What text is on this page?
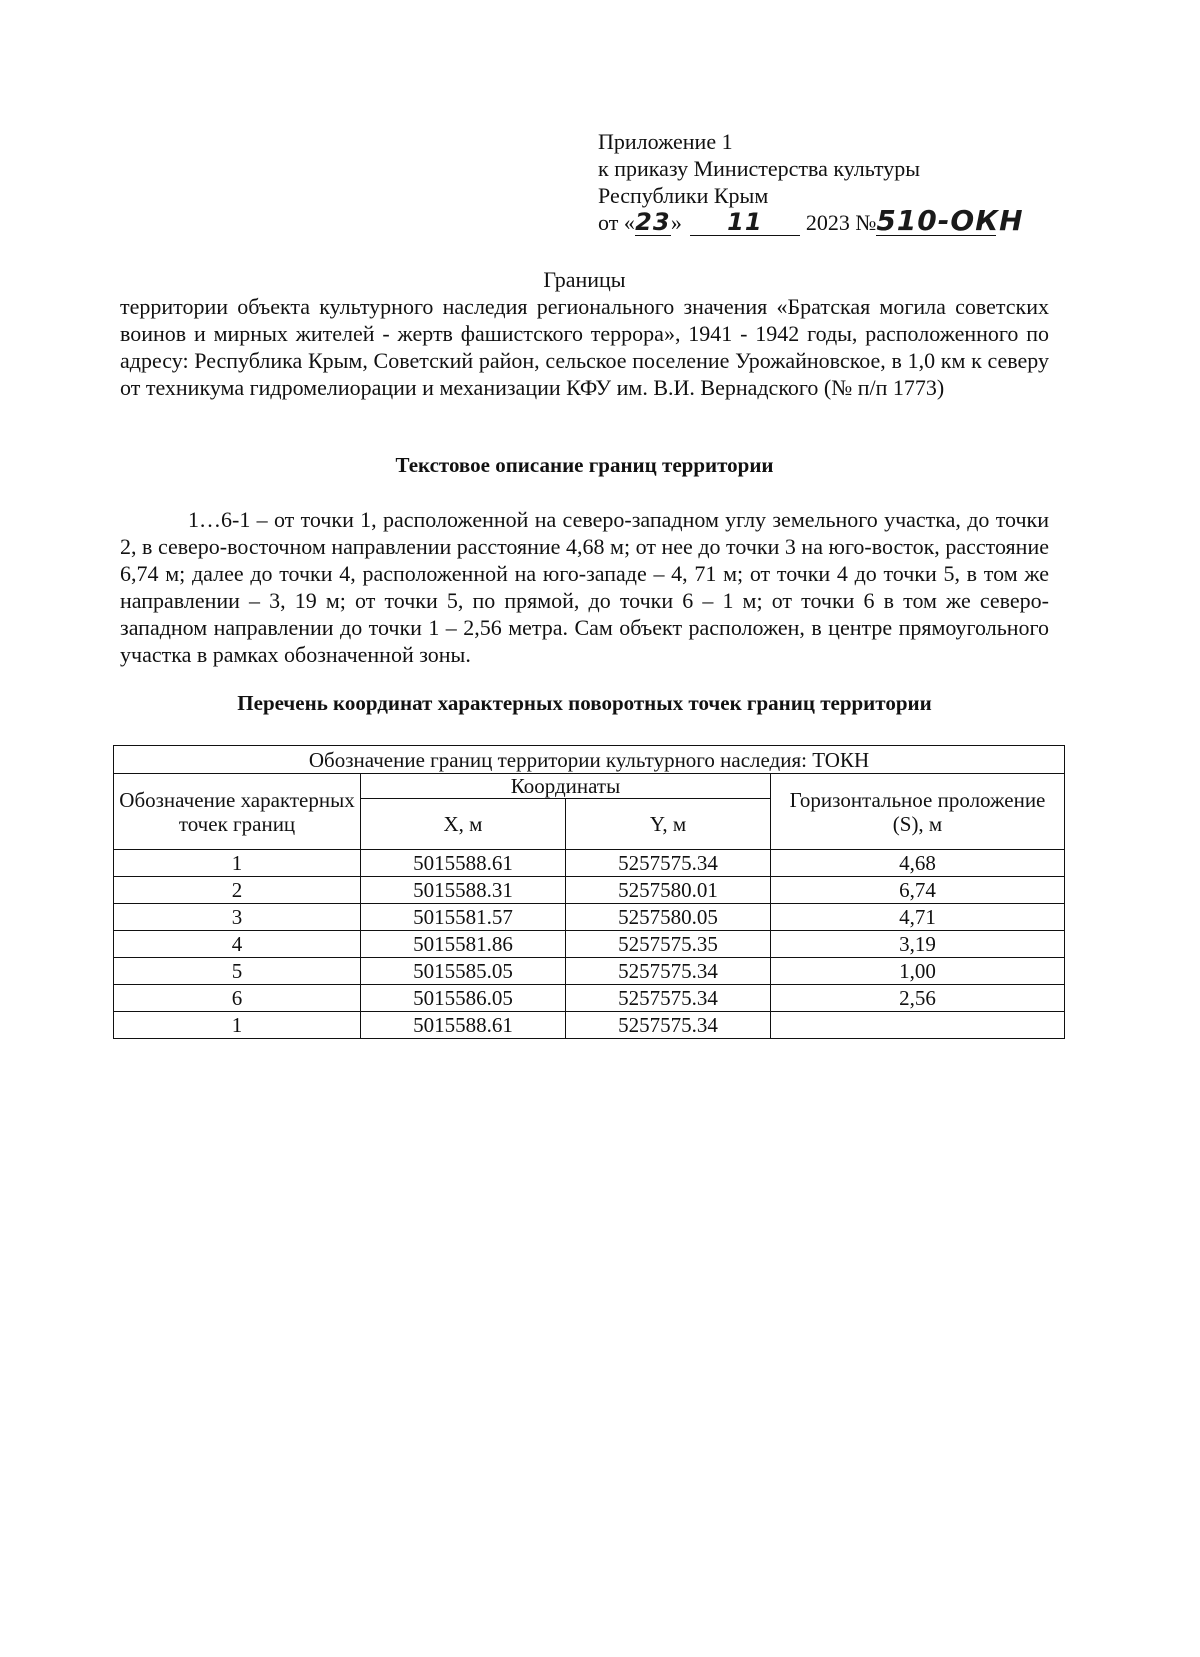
Приложение 1
к приказу Министерства культуры
Республики Крым
от «23» 11 2023 №510-ОКН
Границы
территории объекта культурного наследия регионального значения «Братская могила советских воинов и мирных жителей - жертв фашистского террора», 1941 - 1942 годы, расположенного по адресу: Республика Крым, Советский район, сельское поселение Урожайновское, в 1,0 км к северу от техникума гидромелиорации и механизации КФУ им. В.И. Вернадского (№ п/п 1773)
Текстовое описание границ территории
1…6-1 – от точки 1, расположенной на северо-западном углу земельного участка, до точки 2, в северо-восточном направлении расстояние 4,68 м; от нее до точки 3 на юго-восток, расстояние 6,74 м; далее до точки 4, расположенной на юго-западе – 4, 71 м; от точки 4 до точки 5, в том же направлении – 3, 19 м; от точки 5, по прямой, до точки 6 – 1 м; от точки 6 в том же северо-западном направлении до точки 1 – 2,56 метра. Сам объект расположен, в центре прямоугольного участка в рамках обозначенной зоны.
Перечень координат характерных поворотных точек границ территории
Обозначение границ территории культурного наследия: ТОКН			
Обозначение характерных точек границ	Координаты		Горизонтальное проложение (S), м
	X, м	Y, м	
1	5015588.61	5257575.34	4,68
2	5015588.31	5257580.01	6,74
3	5015581.57	5257580.05	4,71
4	5015581.86	5257575.35	3,19
5	5015585.05	5257575.34	1,00
6	5015586.05	5257575.34	2,56
1	5015588.61	5257575.34	
